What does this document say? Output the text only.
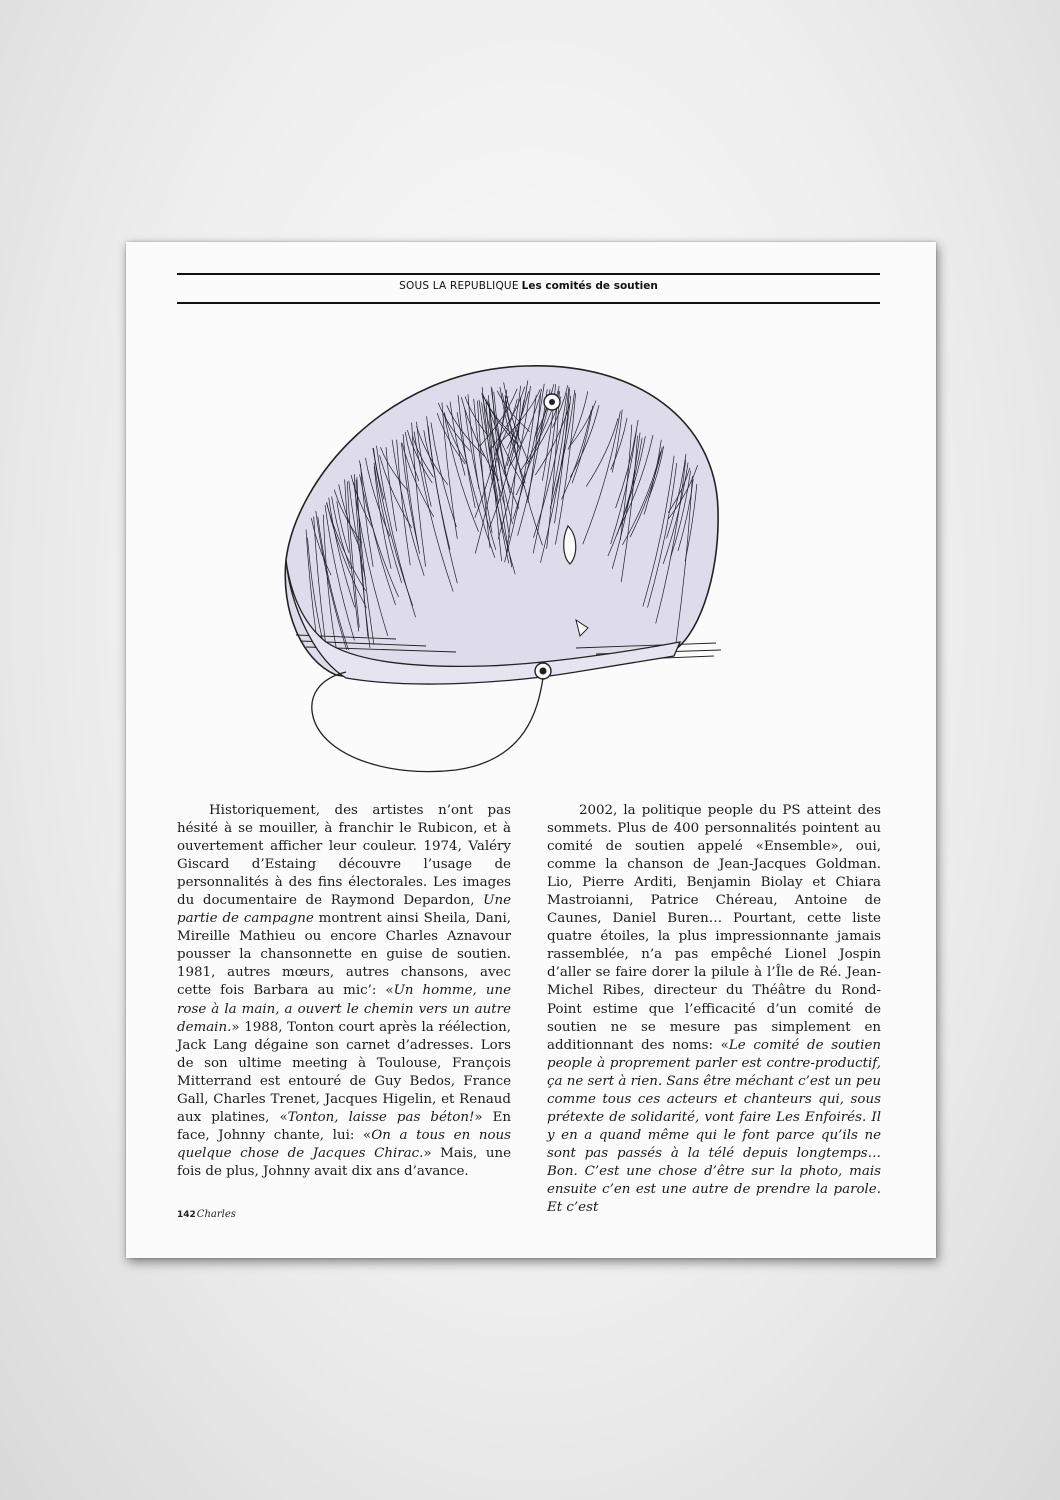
SOUS LA REPUBLIQUE Les comités de soutien

Historiquement, des artistes n’ont pas hésité à se mouiller, à franchir le Rubicon, et à ouvertement afficher leur couleur. 1974, Valéry Giscard d’Estaing découvre l’usage de personnalités à des fins électorales. Les images du documentaire de Raymond Depardon, Une partie de campagne montrent ainsi Sheila, Dani, Mireille Mathieu ou encore Charles Aznavour pousser la chansonnette en guise de soutien. 1981, autres mœurs, autres chansons, avec cette fois Barbara au mic’: «Un homme, une rose à la main, a ouvert le chemin vers un autre demain.» 1988, Tonton court après la réélection, Jack Lang dégaine son carnet d’adresses. Lors de son ultime meeting à Toulouse, François Mitterrand est entouré de Guy Bedos, France Gall, Charles Trenet, Jacques Higelin, et Renaud aux platines, «Tonton, laisse pas béton!» En face, Johnny chante, lui: «On a tous en nous quelque chose de Jacques Chirac.» Mais, une fois de plus, Johnny avait dix ans d’avance.

2002, la politique people du PS atteint des sommets. Plus de 400 personnalités pointent au comité de soutien appelé «Ensemble», oui, comme la chanson de Jean-Jacques Goldman. Lio, Pierre Arditi, Benjamin Biolay et Chiara Mastroianni, Patrice Chéreau, Antoine de Caunes, Daniel Buren… Pourtant, cette liste quatre étoiles, la plus impressionnante jamais rassemblée, n’a pas empêché Lionel Jospin d’aller se faire dorer la pilule à l’Île de Ré. Jean-Michel Ribes, directeur du Théâtre du Rond-Point estime que l’efficacité d’un comité de soutien ne se mesure pas simplement en additionnant des noms: «Le comité de soutien people à proprement parler est contre-productif, ça ne sert à rien. Sans être méchant c’est un peu comme tous ces acteurs et chanteurs qui, sous prétexte de solidarité, vont faire Les Enfoirés. Il y en a quand même qui le font parce qu’ils ne sont pas passés à la télé depuis longtemps… Bon. C’est une chose d’être sur la photo, mais ensuite c’en est une autre de prendre la parole. Et c’est

142Charles
